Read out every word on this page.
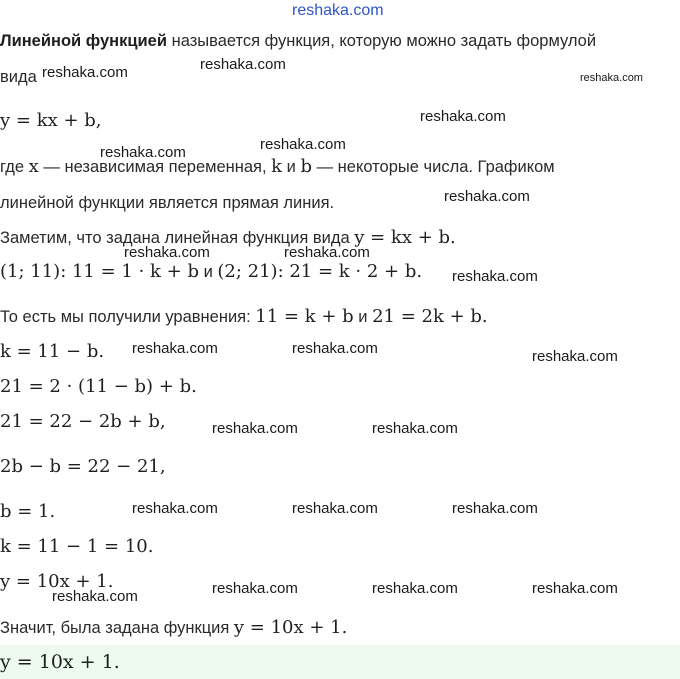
reshaka.com
Линейной функцией называется функция, которую можно задать формулой
вида
y = kx + b,
где x — независимая переменная, k и b — некоторые числа. Графиком
линейной функции является прямая линия.
Заметим, что задана линейная функция вида y = kx + b.
(1; 11): 11 = 1 · k + b и (2; 21): 21 = k · 2 + b.
То есть мы получили уравнения: 11 = k + b и 21 = 2k + b.
k = 11 − b.
21 = 2 · (11 − b) + b.
21 = 22 − 2b + b,
2b − b = 22 − 21,
b = 1.
k = 11 − 1 = 10.
y = 10x + 1.
Значит, была задана функция y = 10x + 1.
y = 10x + 1.
reshaka.com	reshaka.com
reshaka.com
reshaka.com
reshaka.com
reshaka.com
reshaka.com
reshaka.com	reshaka.com
reshaka.com
reshaka.com	reshaka.com	reshaka.com
reshaka.com	reshaka.com
reshaka.com	reshaka.com	reshaka.com
reshaka.com	reshaka.com	reshaka.com
reshaka.com
